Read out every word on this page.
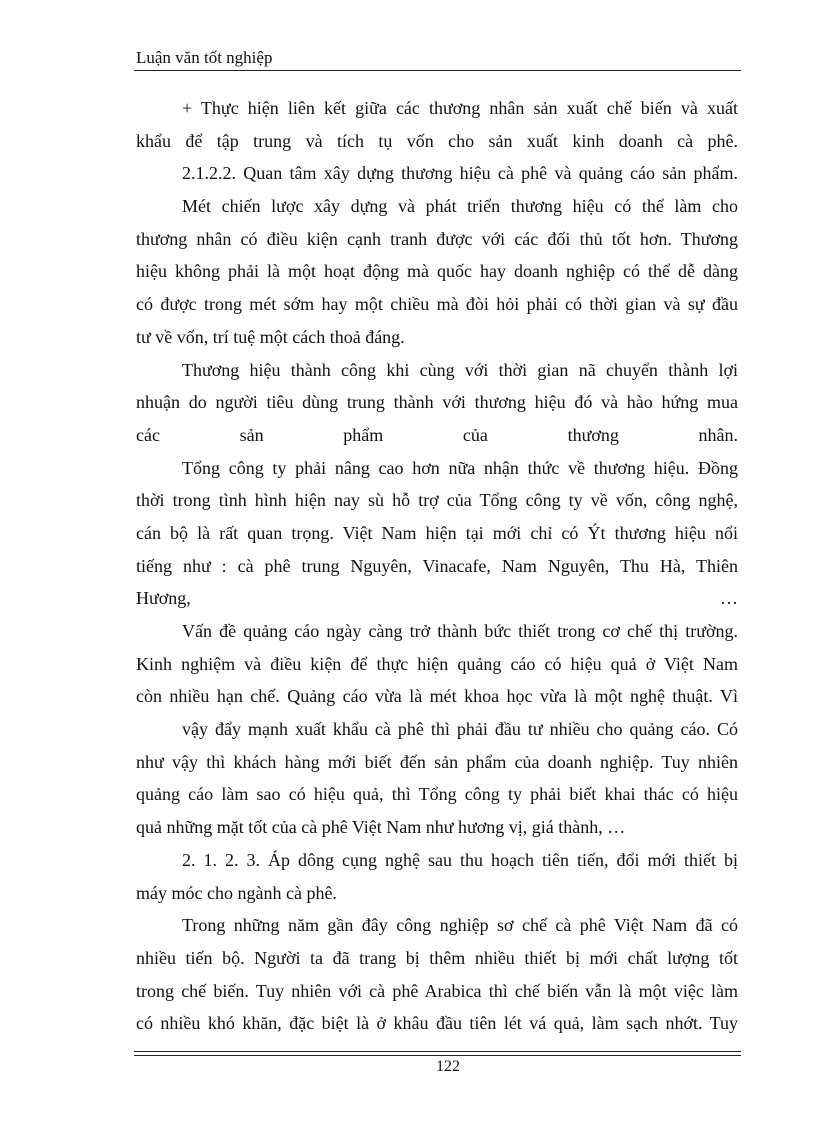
Luận văn tốt nghiệp
+ Thực hiện liên kết giữa các thương nhân sản xuất chế biến và xuất
khẩu để tập trung và tích tụ vốn cho sản xuất kinh doanh cà phê.
2.1.2.2. Quan tâm xây dựng thương hiệu cà phê và quảng cáo sản phẩm.
Mét chiến lược xây dựng và phát triển thương hiệu có thể làm cho
thương nhân có điều kiện cạnh tranh được với các đối thủ tốt hơn. Thương
hiệu không phải là một hoạt động mà quốc hay doanh nghiệp có thể dễ dàng
có được trong mét sớm hay một chiều mà đòi hỏi phải có thời gian và sự đầu
tư về vốn, trí tuệ một cách thoả đáng.
Thương hiệu thành công khi cùng với thời gian nã chuyển thành lợi
nhuận do người tiêu dùng trung thành với thương hiệu đó và hào hứng mua
các sản phẩm của thương nhân.
Tổng công ty phải nâng cao hơn nữa nhận thức về thương hiệu. Đồng
thời trong tình hình hiện nay sù hỗ trợ của Tổng công ty về vốn, công nghệ,
cán bộ là rất quan trọng. Việt Nam hiện tại mới chỉ có Ýt thương hiệu nổi
tiếng như : cà phê trung Nguyên, Vinacafe, Nam Nguyên, Thu Hà, Thiên
Hương, …
Vấn đề quảng cáo ngày càng trở thành bức thiết trong cơ chế thị trường.
Kinh nghiệm và điều kiện để thực hiện quảng cáo có hiệu quả ở Việt Nam
còn nhiều hạn chế. Quảng cáo vừa là mét khoa học vừa là một nghệ thuật. Vì
vậy đẩy mạnh xuất khẩu cà phê thì phải đầu tư nhiều cho quảng cáo. Có
như vậy thì khách hàng mới biết đến sản phẩm của doanh nghiệp. Tuy nhiên
quảng cáo làm sao có hiệu quả, thì Tổng công ty phải biết khai thác có hiệu
quả những mặt tốt của cà phê Việt Nam như hương vị, giá thành, …
2. 1. 2. 3. Áp dông cụng nghệ sau thu hoạch tiên tiến, đổi mới thiết bị
máy móc cho ngành cà phê.
Trong những năm gần đây công nghiệp sơ chế cà phê Việt Nam đã có
nhiều tiến bộ. Người ta đã trang bị thêm nhiều thiết bị mới chất lượng tốt
trong chế biến. Tuy nhiên với cà phê Arabica thì chế biến vẫn là một việc làm
có nhiều khó khăn, đặc biệt là ở khâu đầu tiên lét vá quả, làm sạch nhớt. Tuy
122
